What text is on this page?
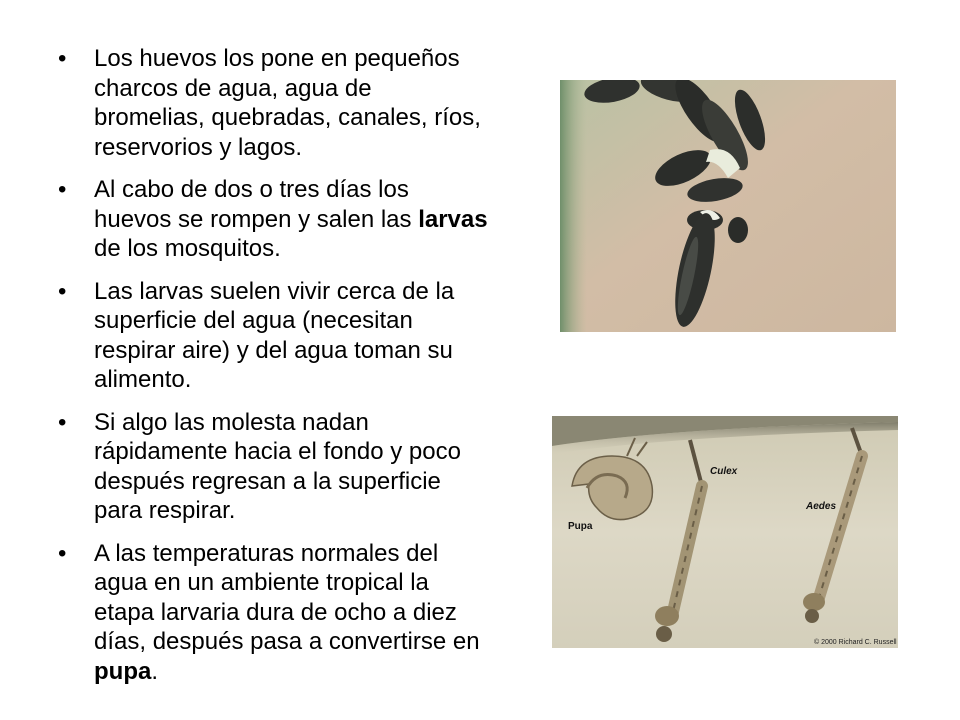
• Los huevos los pone en pequeños charcos de agua, agua de bromelias, quebradas, canales, ríos, reservorios y lagos.
• Al cabo de dos o tres días los huevos se rompen y salen las larvas de los mosquitos.
• Las larvas suelen vivir cerca de la superficie del agua (necesitan respirar aire) y del agua toman su alimento.
• Si algo las molesta nadan rápidamente hacia el fondo y poco después regresan a la superficie para respirar.
• A las temperaturas normales del agua en un ambiente tropical la etapa larvaria dura de ocho a diez días, después pasa a convertirse en pupa.
Culex
Aedes
Pupa
© 2000 Richard C. Russell
